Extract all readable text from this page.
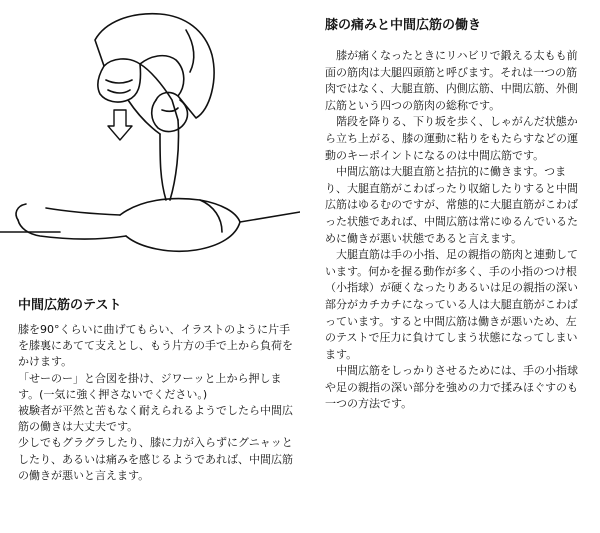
中間広筋のテスト

膝を90°くらいに曲げてもらい、イラストのように片手を膝裏にあてて支えとし、もう片方の手で上から負荷をかけます。

「せーのー」と合図を掛け、ジワーッと上から押します。(一気に強く押さないでください。)

被験者が平然と苦もなく耐えられるようでしたら中間広筋の働きは大丈夫です。

少しでもグラグラしたり、膝に力が入らずにグニャッとしたり、あるいは痛みを感じるようであれば、中間広筋の働きが悪いと言えます。

膝の痛みと中間広筋の働き

膝が痛くなったときにリハビリで鍛える太もも前面の筋肉は大腿四頭筋と呼びます。それは一つの筋肉ではなく、大腿直筋、内側広筋、中間広筋、外側広筋という四つの筋肉の総称です。

階段を降りる、下り坂を歩く、しゃがんだ状態から立ち上がる、膝の運動に粘りをもたらすなどの運動のキーポイントになるのは中間広筋です。

中間広筋は大腿直筋と拮抗的に働きます。つまり、大腿直筋がこわばったり収縮したりすると中間広筋はゆるむのですが、常態的に大腿直筋がこわばった状態であれば、中間広筋は常にゆるんでいるために働きが悪い状態であると言えます。

大腿直筋は手の小指、足の親指の筋肉と連動しています。何かを握る動作が多く、手の小指のつけ根（小指球）が硬くなったりあるいは足の親指の深い部分がカチカチになっている人は大腿直筋がこわばっています。すると中間広筋は働きが悪いため、左のテストで圧力に負けてしまう状態になってしまいます。

中間広筋をしっかりさせるためには、手の小指球や足の親指の深い部分を強めの力で揉みほぐすのも一つの方法です。
